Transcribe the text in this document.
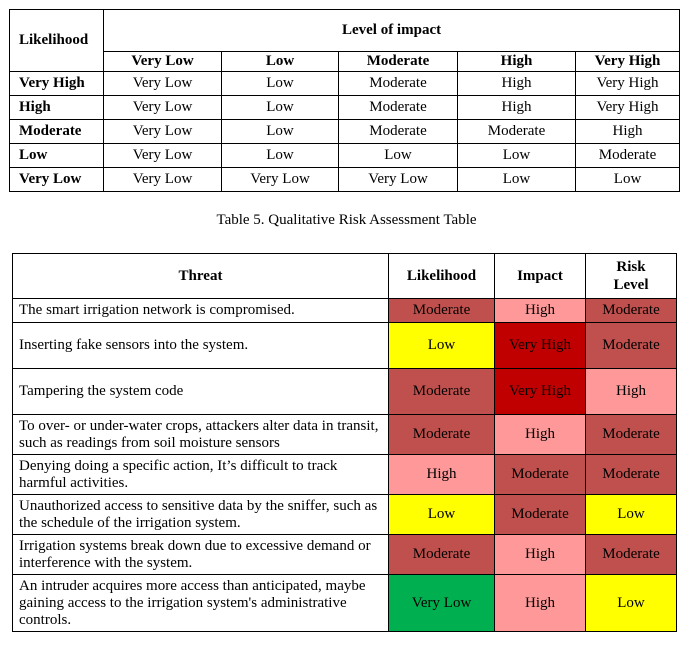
Likelihood	Level of impact				
	Very Low	Low	Moderate	High	Very High
Very High	Very Low	Low	Moderate	High	Very High
High	Very Low	Low	Moderate	High	Very High
Moderate	Very Low	Low	Moderate	Moderate	High
Low	Very Low	Low	Low	Low	Moderate
Very Low	Very Low	Very Low	Very Low	Low	Low
Table 5. Qualitative Risk Assessment Table
Threat	Likelihood	Impact	Risk Level
The smart irrigation network is compromised.	Moderate	High	Moderate
Inserting fake sensors into the system.	Low	Very High	Moderate
Tampering the system code	Moderate	Very High	High
To over- or under-water crops, attackers alter data in transit, such as readings from soil moisture sensors	Moderate	High	Moderate
Denying doing a specific action, It’s difficult to track harmful activities.	High	Moderate	Moderate
Unauthorized access to sensitive data by the sniffer, such as the schedule of the irrigation system.	Low	Moderate	Low
Irrigation systems break down due to excessive demand or interference with the system.	Moderate	High	Moderate
An intruder acquires more access than anticipated, maybe gaining access to the irrigation system's administrative controls.	Very Low	High	Low
